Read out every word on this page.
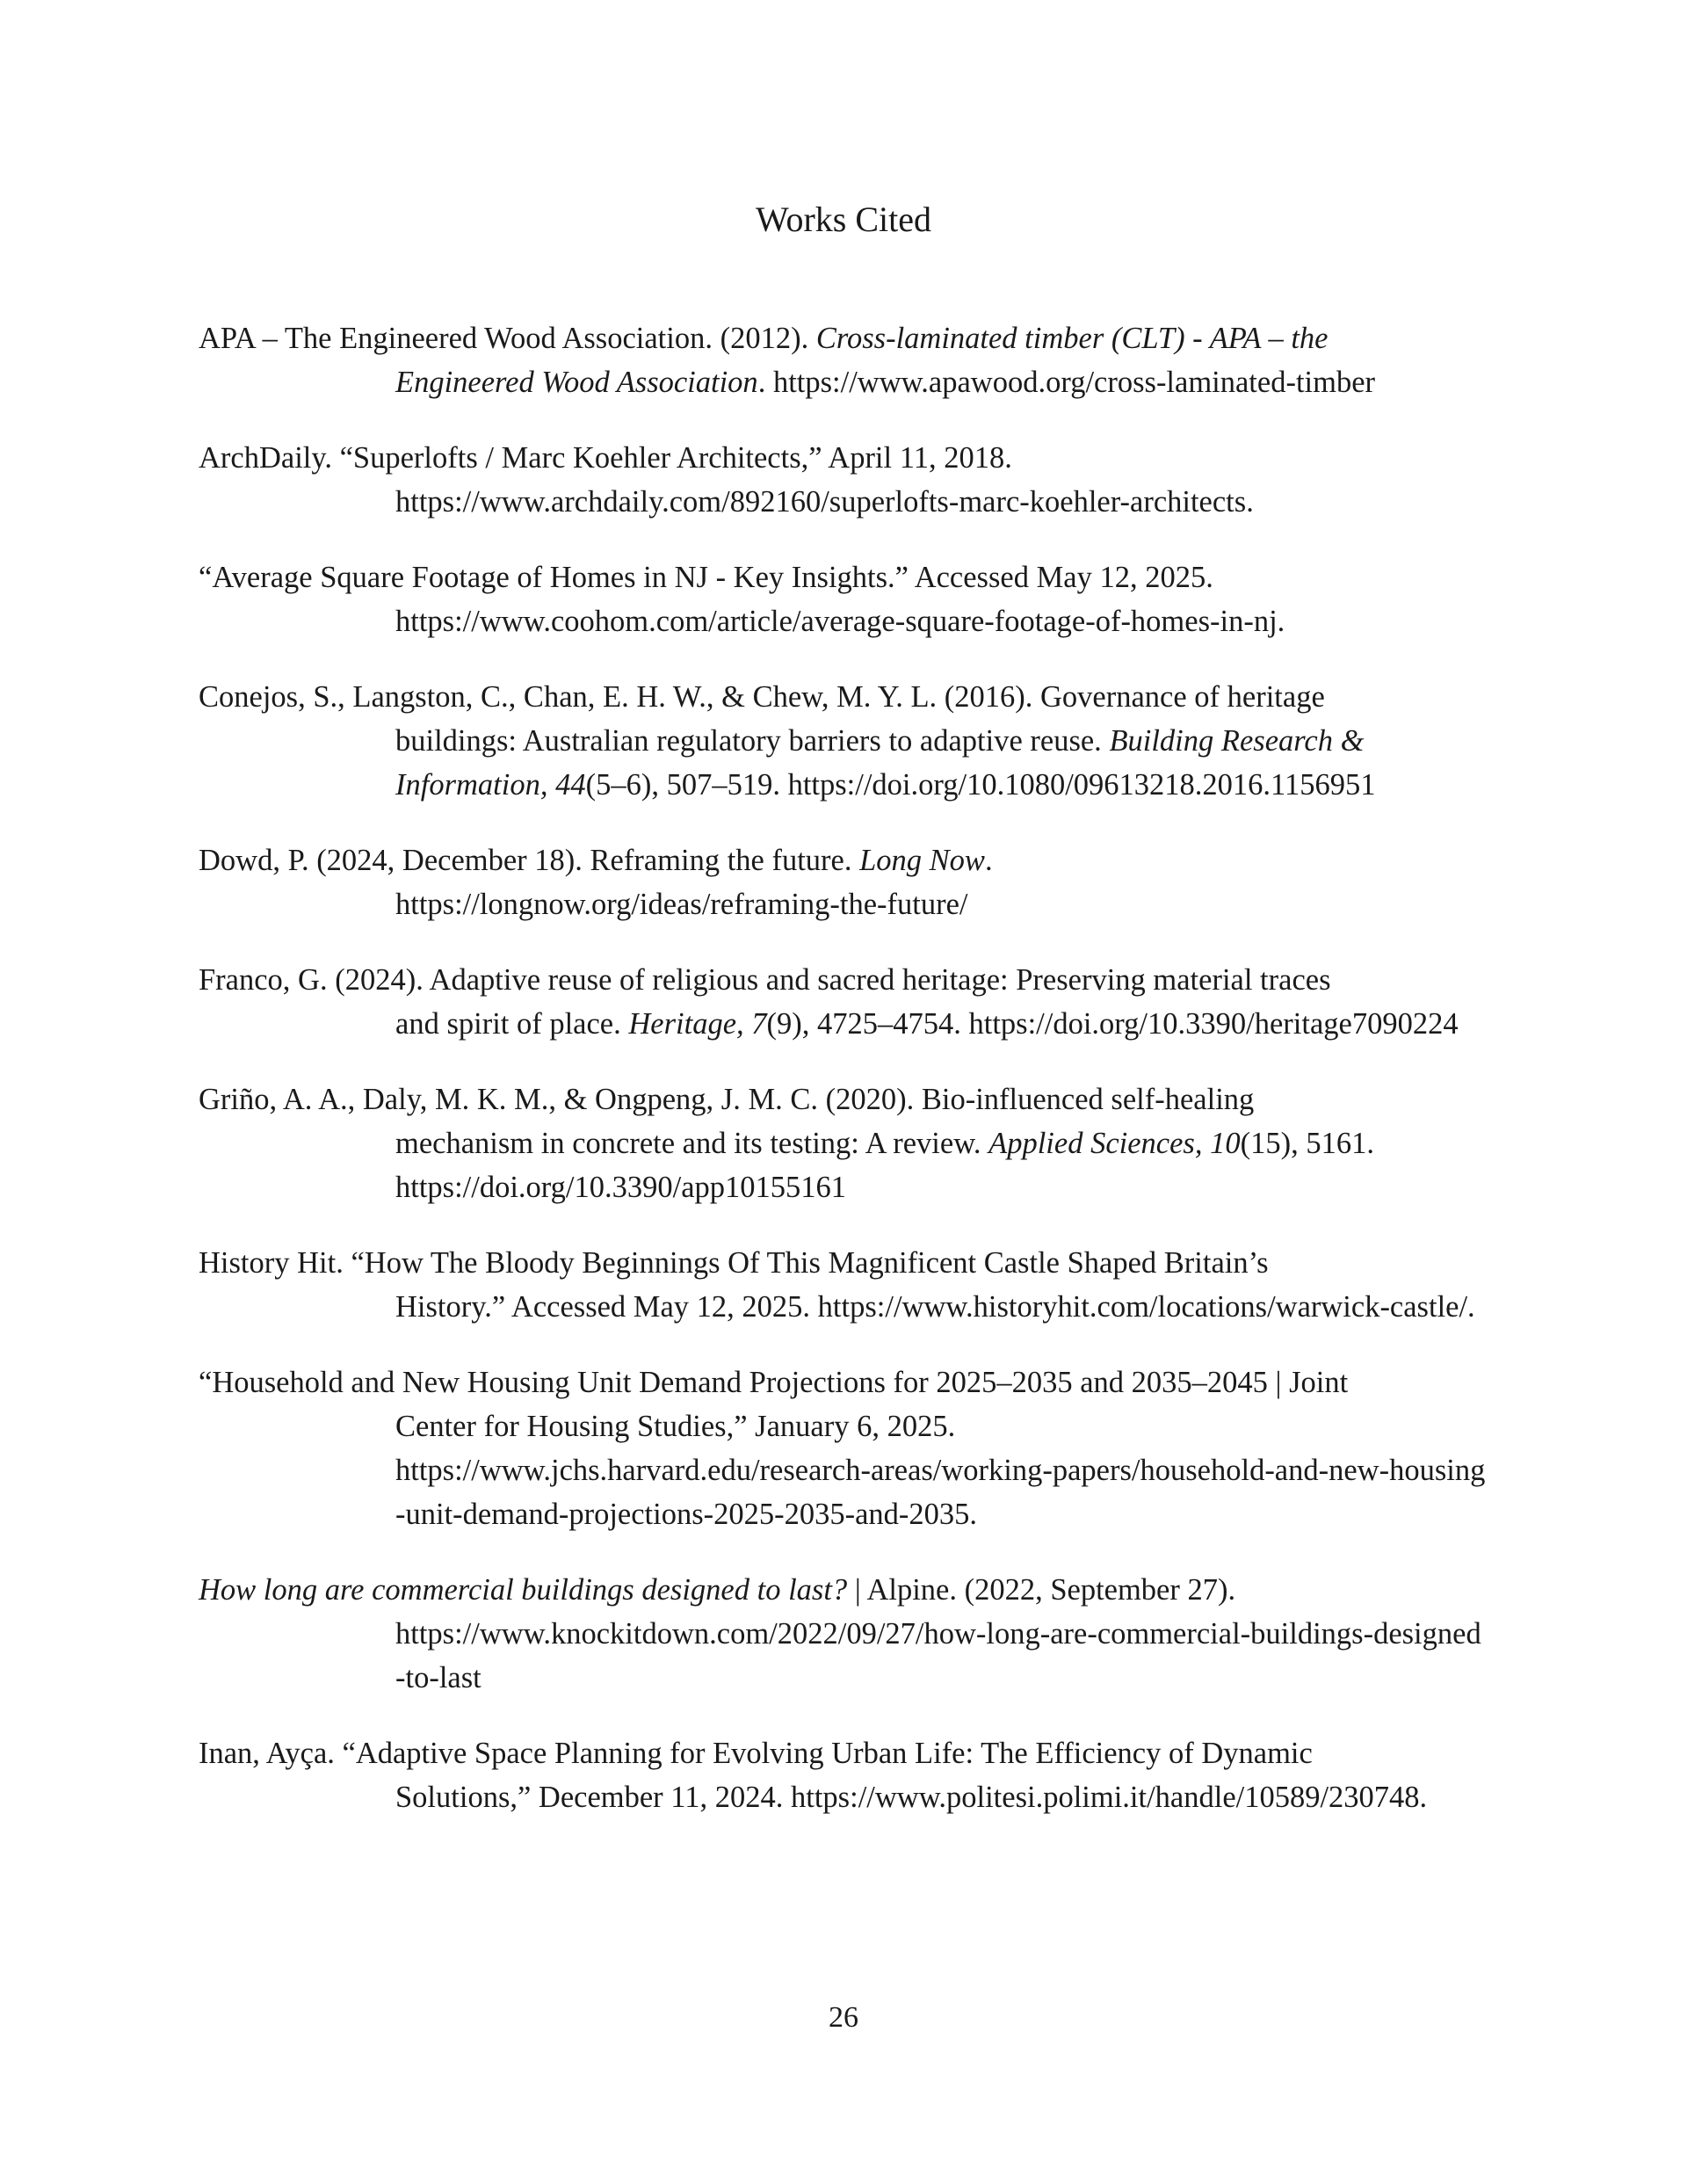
Works Cited
APA – The Engineered Wood Association. (2012). Cross-laminated timber (CLT) - APA – the
Engineered Wood Association. https://www.apawood.org/cross-laminated-timber
ArchDaily. “Superlofts / Marc Koehler Architects,” April 11, 2018.
https://www.archdaily.com/892160/superlofts-marc-koehler-architects.
“Average Square Footage of Homes in NJ - Key Insights.” Accessed May 12, 2025.
https://www.coohom.com/article/average-square-footage-of-homes-in-nj.
Conejos, S., Langston, C., Chan, E. H. W., & Chew, M. Y. L. (2016). Governance of heritage
buildings: Australian regulatory barriers to adaptive reuse. Building Research &
Information, 44(5–6), 507–519. https://doi.org/10.1080/09613218.2016.1156951
Dowd, P. (2024, December 18). Reframing the future. Long Now.
https://longnow.org/ideas/reframing-the-future/
Franco, G. (2024). Adaptive reuse of religious and sacred heritage: Preserving material traces
and spirit of place. Heritage, 7(9), 4725–4754. https://doi.org/10.3390/heritage7090224
Griño, A. A., Daly, M. K. M., & Ongpeng, J. M. C. (2020). Bio-influenced self-healing
mechanism in concrete and its testing: A review. Applied Sciences, 10(15), 5161.
https://doi.org/10.3390/app10155161
History Hit. “How The Bloody Beginnings Of This Magnificent Castle Shaped Britain’s
History.” Accessed May 12, 2025. https://www.historyhit.com/locations/warwick-castle/.
“Household and New Housing Unit Demand Projections for 2025–2035 and 2035–2045 | Joint
Center for Housing Studies,” January 6, 2025.
https://www.jchs.harvard.edu/research-areas/working-papers/household-and-new-housing
-unit-demand-projections-2025-2035-and-2035.
How long are commercial buildings designed to last? | Alpine. (2022, September 27).
https://www.knockitdown.com/2022/09/27/how-long-are-commercial-buildings-designed
-to-last
Inan, Ayça. “Adaptive Space Planning for Evolving Urban Life: The Efficiency of Dynamic
Solutions,” December 11, 2024. https://www.politesi.polimi.it/handle/10589/230748.
26
